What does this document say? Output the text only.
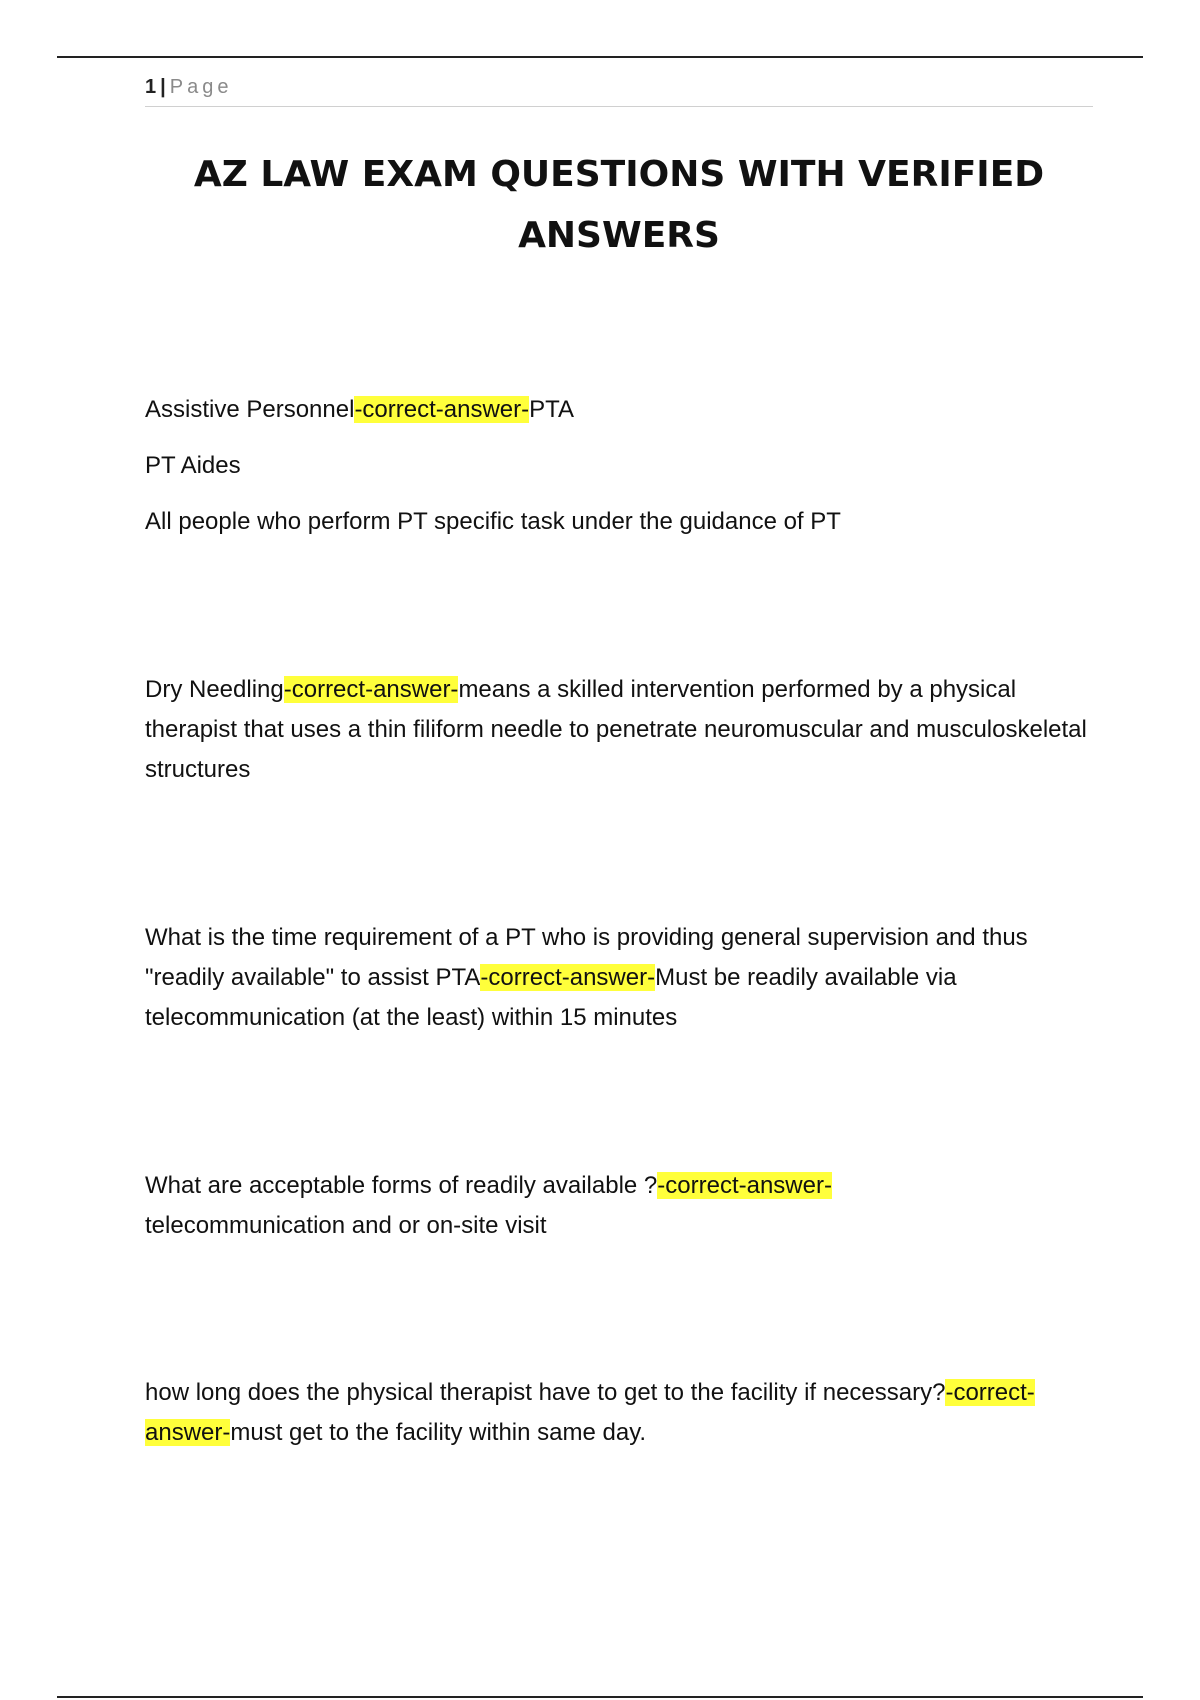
1 | Page
AZ LAW EXAM QUESTIONS WITH VERIFIED ANSWERS
Assistive Personnel-correct-answer-PTA
PT Aides
All people who perform PT specific task under the guidance of PT
Dry Needling-correct-answer-means a skilled intervention performed by a physical therapist that uses a thin filiform needle to penetrate neuromuscular and musculoskeletal structures
What is the time requirement of a PT who is providing general supervision and thus "readily available" to assist PTA-correct-answer-Must be readily available via telecommunication (at the least) within 15 minutes
What are acceptable forms of readily available ?-correct-answer-telecommunication and or on-site visit
how long does the physical therapist have to get to the facility if necessary?-correct-answer-must get to the facility within same day.
